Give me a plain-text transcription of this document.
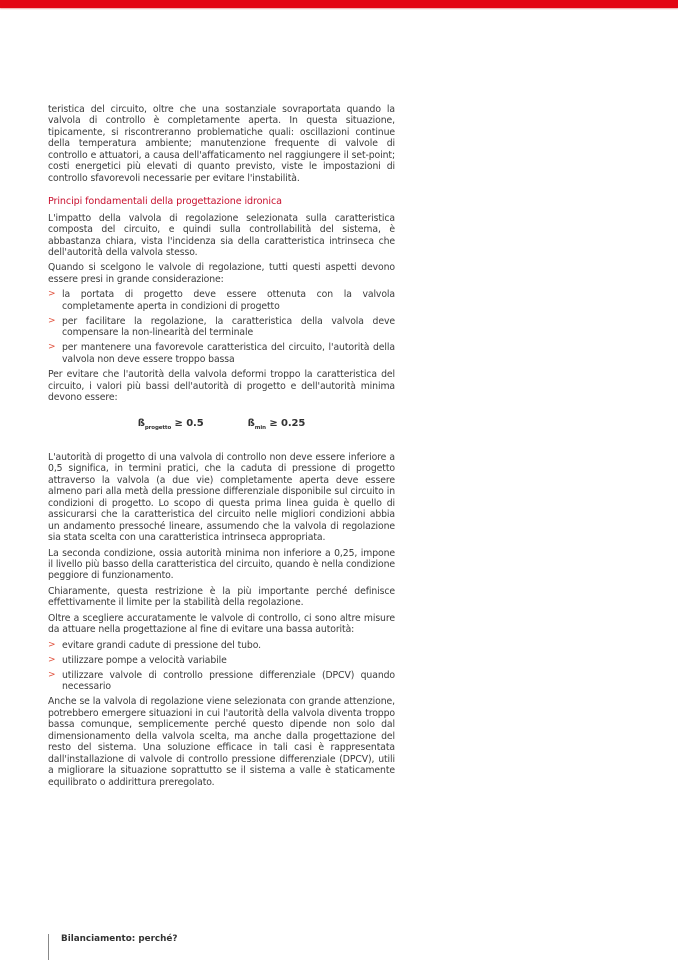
teristica del circuito, oltre che una sostanziale sovraportata quando la valvola di controllo è completamente aperta. In questa situazione, tipicamente, si riscontreranno problematiche quali: oscillazioni continue della temperatura ambiente; manutenzione frequente di valvole di controllo e attuatori, a causa dell'affaticamento nel raggiungere il set-point; costi energetici più elevati di quanto previsto, viste le impostazioni di controllo sfavorevoli necessarie per evitare l'instabilità.

Principi fondamentali della progettazione idronica

L'impatto della valvola di regolazione selezionata sulla caratteristica composta del circuito, e quindi sulla controllabilità del sistema, è abbastanza chiara, vista l'incidenza sia della caratteristica intrinseca che dell'autorità della valvola stesso.

Quando si scelgono le valvole di regolazione, tutti questi aspetti devono essere presi in grande considerazione:

> la portata di progetto deve essere ottenuta con la valvola completamente aperta in condizioni di progetto
> per facilitare la regolazione, la caratteristica della valvola deve compensare la non-linearità del terminale
> per mantenere una favorevole caratteristica del circuito, l'autorità della valvola non deve essere troppo bassa

Per evitare che l'autorità della valvola deformi troppo la caratteristica del circuito, i valori più bassi dell'autorità di progetto e dell'autorità minima devono essere:

$ß_{progetto} \ge 0.5$	$ß_{min} \ge 0.25$

L'autorità di progetto di una valvola di controllo non deve essere inferiore a 0,5 significa, in termini pratici, che la caduta di pressione di progetto attraverso la valvola (a due vie) completamente aperta deve essere almeno pari alla metà della pressione differenziale disponibile sul circuito in condizioni di progetto. Lo scopo di questa prima linea guida è quello di assicurarsi che la caratteristica del circuito nelle migliori condizioni abbia un andamento pressoché lineare, assumendo che la valvola di regolazione sia stata scelta con una caratteristica intrinseca appropriata.

La seconda condizione, ossia autorità minima non inferiore a 0,25, impone il livello più basso della caratteristica del circuito, quando è nella condizione peggiore di funzionamento.

Chiaramente, questa restrizione è la più importante perché definisce effettivamente il limite per la stabilità della regolazione.

Oltre a scegliere accuratamente le valvole di controllo, ci sono altre misure da attuare nella progettazione al fine di evitare una bassa autorità:

> evitare grandi cadute di pressione del tubo.
> utilizzare pompe a velocità variabile
> utilizzare valvole di controllo pressione differenziale (DPCV) quando necessario

Anche se la valvola di regolazione viene selezionata con grande attenzione, potrebbero emergere situazioni in cui l'autorità della valvola diventa troppo bassa comunque, semplicemente perché questo dipende non solo dal dimensionamento della valvola scelta, ma anche dalla progettazione del resto del sistema. Una soluzione efficace in tali casi è rappresentata dall'installazione di valvole di controllo pressione differenziale (DPCV), utili a migliorare la situazione soprattutto se il sistema a valle è staticamente equilibrato o addirittura preregolato.

Bilanciamento: perché?
